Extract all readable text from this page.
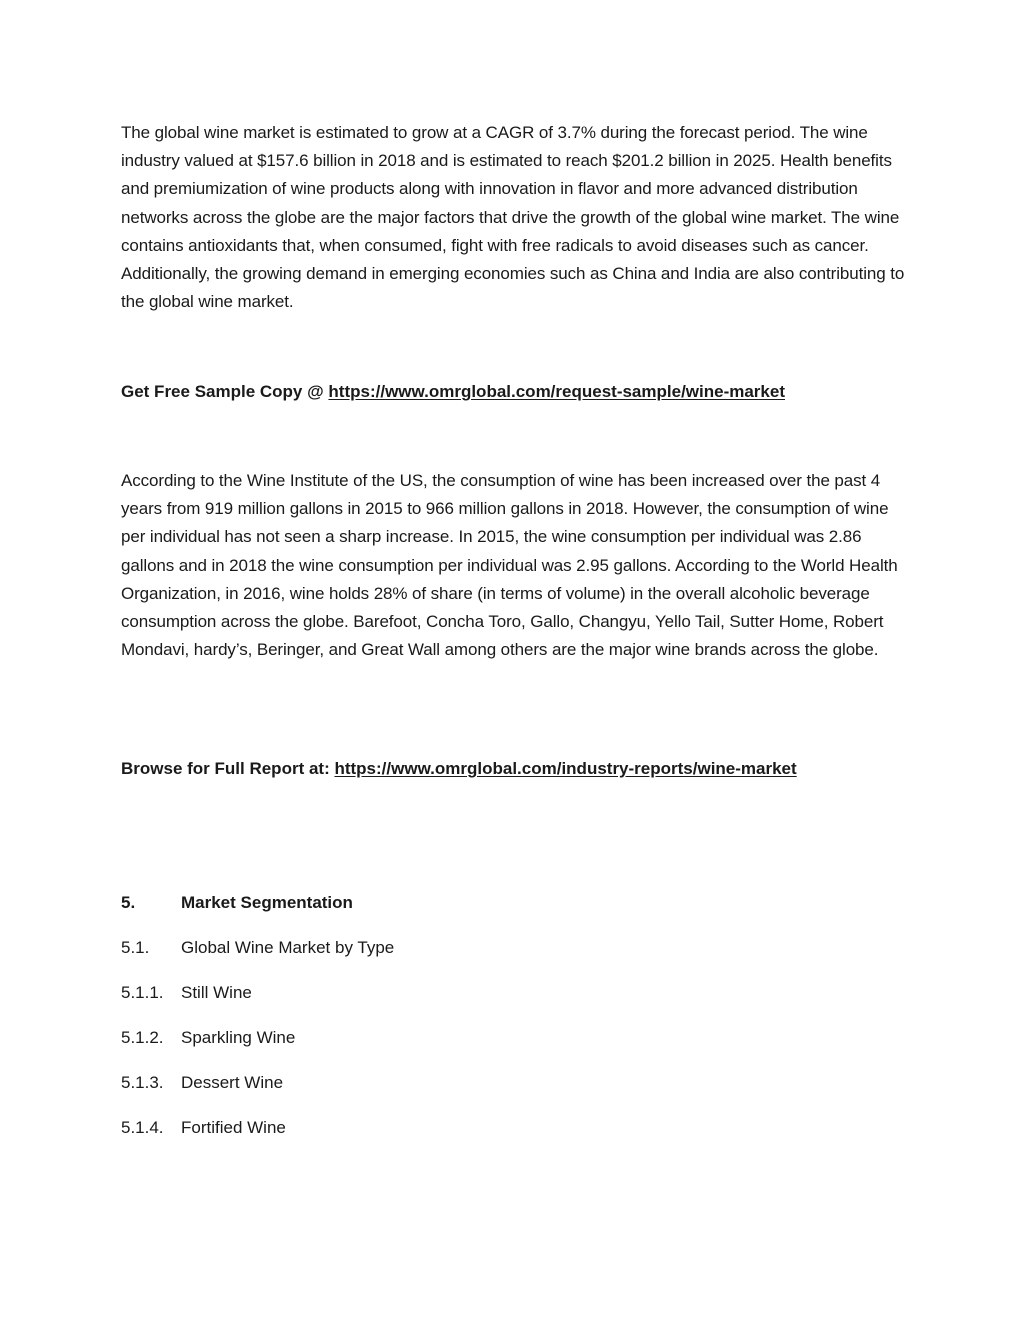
The global wine market is estimated to grow at a CAGR of 3.7% during the forecast period. The wine industry valued at $157.6 billion in 2018 and is estimated to reach $201.2 billion in 2025. Health benefits and premiumization of wine products along with innovation in flavor and more advanced distribution networks across the globe are the major factors that drive the growth of the global wine market. The wine contains antioxidants that, when consumed, fight with free radicals to avoid diseases such as cancer. Additionally, the growing demand in emerging economies such as China and India are also contributing to the global wine market.

Get Free Sample Copy @ https://www.omrglobal.com/request-sample/wine-market

According to the Wine Institute of the US, the consumption of wine has been increased over the past 4 years from 919 million gallons in 2015 to 966 million gallons in 2018. However, the consumption of wine per individual has not seen a sharp increase. In 2015, the wine consumption per individual was 2.86 gallons and in 2018 the wine consumption per individual was 2.95 gallons. According to the World Health Organization, in 2016, wine holds 28% of share (in terms of volume) in the overall alcoholic beverage consumption across the globe. Barefoot, Concha Toro, Gallo, Changyu, Yello Tail, Sutter Home, Robert Mondavi, hardy’s, Beringer, and Great Wall among others are the major wine brands across the globe.

Browse for Full Report at: https://www.omrglobal.com/industry-reports/wine-market

5.	Market Segmentation

5.1. Global Wine Market by Type

5.1.1. Still Wine

5.1.2. Sparkling Wine

5.1.3. Dessert Wine

5.1.4. Fortified Wine
